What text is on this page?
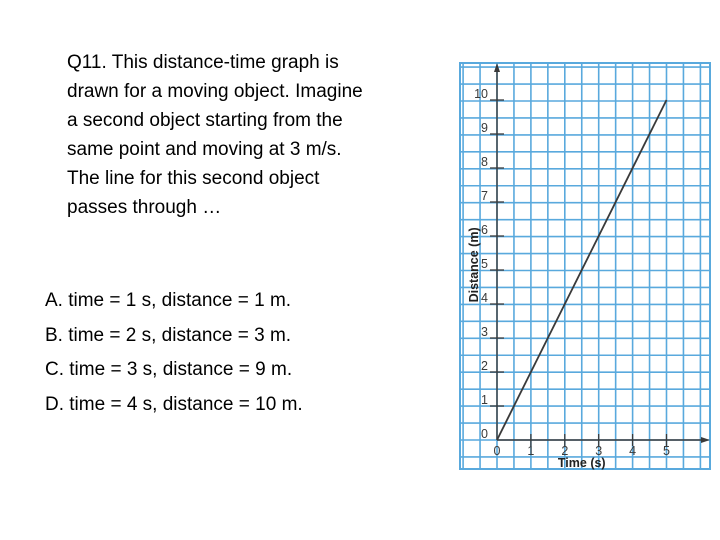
Q11. This distance-time graph is
drawn for a moving object. Imagine
a second object starting from the
same point and moving at 3 m/s.
The line for this second object
passes through …
A. time = 1 s, distance = 1 m.
B. time = 2 s, distance = 3 m.
C. time = 3 s, distance = 9 m.
D. time = 4 s, distance = 10 m.
0
1
2
3
4
5
6
7
8
9
10
0 1 2 3 4 5
Time (s)
Distance (m)
